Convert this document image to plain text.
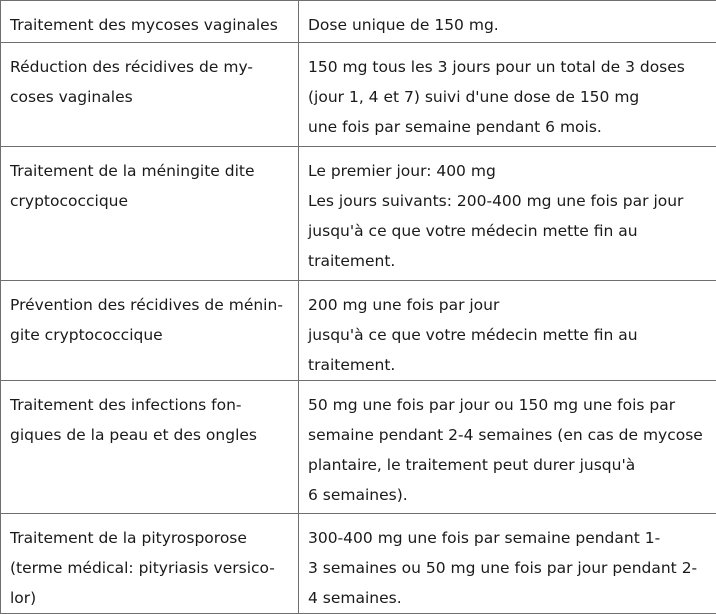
Traitement des mycoses vaginales	Dose unique de 150 mg.

Réduction des récidives de my-
coses vaginales	150 mg tous les 3 jours pour un total de 3 doses
(jour 1, 4 et 7) suivi d'une dose de 150 mg
une fois par semaine pendant 6 mois.

Traitement de la méningite dite
cryptococcique	Le premier jour: 400 mg
Les jours suivants: 200-400 mg une fois par jour
jusqu'à ce que votre médecin mette fin au
traitement.

Prévention des récidives de ménin-
gite cryptococcique	200 mg une fois par jour
jusqu'à ce que votre médecin mette fin au
traitement.

Traitement des infections fon-
giques de la peau et des ongles	50 mg une fois par jour ou 150 mg une fois par
semaine pendant 2-4 semaines (en cas de mycose
plantaire, le traitement peut durer jusqu'à
6 semaines).

Traitement de la pityrosporose
(terme médical: pityriasis versico-
lor)	300-400 mg une fois par semaine pendant 1-
3 semaines ou 50 mg une fois par jour pendant 2-
4 semaines.
